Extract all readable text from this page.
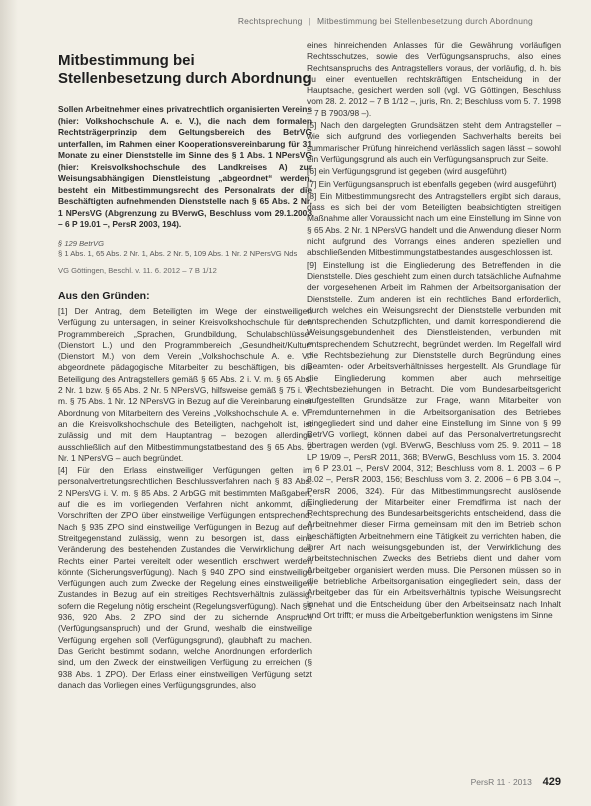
Rechtsprechung | Mitbestimmung bei Stellenbesetzung durch Abordnung
Mitbestimmung bei Stellenbesetzung durch Abordnung

Sollen Arbeitnehmer eines privatrechtlich organisierten Vereins (hier: Volkshochschule A. e. V.), die nach dem formalen Rechtsträgerprinzip dem Geltungsbereich des BetrVG unterfallen, im Rahmen einer Kooperationsvereinbarung für 31 Monate zu einer Dienststelle im Sinne des § 1 Abs. 1 NPersVG (hier: Kreisvolkshochschule des Landkreises A) zur Weisungsabhängigen Dienstleistung „abgeordnet“ werden, besteht ein Mitbestimmungsrecht des Personalrats der die Beschäftigten aufnehmenden Dienststelle nach § 65 Abs. 2 Nr. 1 NPersVG (Abgrenzung zu BVerwG, Beschluss vom 29.1.2003 – 6 P 19.01 –, PersR 2003, 194).

§ 129 BetrVG
§ 1 Abs. 1, 65 Abs. 2 Nr. 1, Abs. 2 Nr. 5, 109 Abs. 1 Nr. 2 NPersVG Nds
VG Göttingen, Beschl. v. 11. 6. 2012 – 7 B 1/12
Aus den Gründen:

[1] Der Antrag, dem Beteiligten im Wege der einstweiligen Verfügung zu untersagen, in seiner Kreisvolkshochschule für den Programmbereich „Sprachen, Grundbildung, Schulabschlüsse“ (Dienstort L.) und den Programmbereich „Gesundheit/Kultur“ (Dienstort M.) von dem Verein „Volkshochschule A. e. V.“ abgeordnete pädagogische Mitarbeiter zu beschäftigen, bis die Beteiligung des Antragstellers gemäß § 65 Abs. 2 i. V. m. § 65 Abs. 2 Nr. 1 bzw. § 65 Abs. 2 Nr. 5 NPersVG, hilfsweise gemäß § 75 i. V. m. § 75 Abs. 1 Nr. 12 NPersVG in Bezug auf die Vereinbarung einer Abordnung von Mitarbeitern des Vereins „Volkshochschule A. e. V.“ an die Kreisvolkshochschule des Beteiligten, nachgeholt ist, ist zulässig und mit dem Hauptantrag – bezogen allerdings ausschließlich auf den Mitbestimmungstatbestand des § 65 Abs. 2 Nr. 1 NPersVG – auch begründet.

[4] Für den Erlass einstweiliger Verfügungen gelten im personalvertretungsrechtlichen Beschlussverfahren nach § 83 Abs. 2 NPersVG i. V. m. § 85 Abs. 2 ArbGG mit bestimmten Maßgaben, auf die es im vorliegenden Verfahren nicht ankommt, die Vorschriften der ZPO über einstweilige Verfügungen entsprechend. Nach § 935 ZPO sind einstweilige Verfügungen in Bezug auf den Streitgegenstand zulässig, wenn zu besorgen ist, dass eine Veränderung des bestehenden Zustandes die Verwirklichung des Rechts einer Partei vereitelt oder wesentlich erschwert werden könnte (Sicherungsverfügung). Nach § 940 ZPO sind einstweilige Verfügungen auch zum Zwecke der Regelung eines einstweiligen Zustandes in Bezug auf ein streitiges Rechtsverhältnis zulässig, sofern die Regelung nötig erscheint (Regelungsverfügung). Nach §§ 936, 920 Abs. 2 ZPO sind der zu sichernde Anspruch (Verfügungsanspruch) und der Grund, weshalb die einstweilige Verfügung ergehen soll (Verfügungsgrund), glaubhaft zu machen. Das Gericht bestimmt sodann, welche Anordnungen erforderlich sind, um den Zweck der einstweiligen Verfügung zu erreichen (§ 938 Abs. 1 ZPO). Der Erlass einer einstweiligen Verfügung setzt danach das Vorliegen eines Verfügungsgrundes, also

eines hinreichenden Anlasses für die Gewährung vorläufigen Rechtsschutzes, sowie des Verfügungsanspruchs, also eines Rechtsanspruchs des Antragstellers voraus, der vorläufig, d. h. bis zu einer eventuellen rechtskräftigen Entscheidung in der Hauptsache, gesichert werden soll (vgl. VG Göttingen, Beschluss vom 28. 2. 2012 – 7 B 1/12 –, juris, Rn. 2; Beschluss vom 5. 7. 1998 – 7 B 7903/98 –).

[5] Nach den dargelegten Grundsätzen steht dem Antragsteller – wie sich aufgrund des vorliegenden Sachverhalts bereits bei summarischer Prüfung hinreichend verlässlich sagen lässt – sowohl ein Verfügungsgrund als auch ein Verfügungsanspruch zur Seite.

[6] ein Verfügungsgrund ist gegeben (wird ausgeführt)

[7] Ein Verfügungsanspruch ist ebenfalls gegeben (wird ausgeführt)

[8] Ein Mitbestimmungsrecht des Antragstellers ergibt sich daraus, dass es sich bei der vom Beteiligten beabsichtigten streitigen Maßnahme aller Voraussicht nach um eine Einstellung im Sinne von § 65 Abs. 2 Nr. 1 NPersVG handelt und die Anwendung dieser Norm nicht aufgrund des Vorrangs eines anderen speziellen und abschließenden Mitbestimmungstatbestandes ausgeschlossen ist.

[9] Einstellung ist die Eingliederung des Betreffenden in die Dienststelle. Dies geschieht zum einen durch tatsächliche Aufnahme der vorgesehenen Arbeit im Rahmen der Arbeitsorganisation der Dienststelle. Zum anderen ist ein rechtliches Band erforderlich, durch welches ein Weisungsrecht der Dienststelle verbunden mit entsprechenden Schutzpflichten, und damit korrespondierend die Weisungsgebundenheit des Dienstleistenden, verbunden mit entsprechendem Schutzrecht, begründet werden. Im Regelfall wird die Rechtsbeziehung zur Dienststelle durch Begründung eines Beamten- oder Arbeitsverhältnisses hergestellt. Als Grundlage für die Eingliederung kommen aber auch mehrseitige Rechtsbeziehungen in Betracht. Die vom Bundesarbeitsgericht aufgestellten Grundsätze zur Frage, wann Mitarbeiter von Fremdunternehmen in die Arbeitsorganisation des Betriebes eingegliedert sind und daher eine Einstellung im Sinne von § 99 BetrVG vorliegt, können dabei auf das Personalvertretungsrecht übertragen werden (vgl. BVerwG, Beschluss vom 25. 9. 2011 – 18 LP 19/09 –, PersR 2011, 368; BVerwG, Beschluss vom 15. 3. 2004 – 6 P 23.01 –, PersV 2004, 312; Beschluss vom 8. 1. 2003 – 6 P 8.02 –, PersR 2003, 156; Beschluss vom 3. 2. 2006 – 6 PB 3.04 –, PersR 2006, 324). Für das Mitbestimmungsrecht auslösende Eingliederung der Mitarbeiter einer Fremdfirma ist nach der Rechtsprechung des Bundesarbeitsgerichts entscheidend, dass die Arbeitnehmer dieser Firma gemeinsam mit den im Betrieb schon beschäftigten Arbeitnehmern eine Tätigkeit zu verrichten haben, die ihrer Art nach weisungsgebunden ist, der Verwirklichung des arbeitstechnischen Zwecks des Betriebs dient und daher vom Arbeitgeber organisiert werden muss. Die Personen müssen so in die betriebliche Arbeitsorganisation eingegliedert sein, dass der Arbeitgeber das für ein Arbeitsverhältnis typische Weisungsrecht innehat und die Entscheidung über den Arbeitseinsatz nach Inhalt und Ort trifft; er muss die Arbeitgeberfunktion wenigstens im Sinne

PersR 11 · 2013 429
